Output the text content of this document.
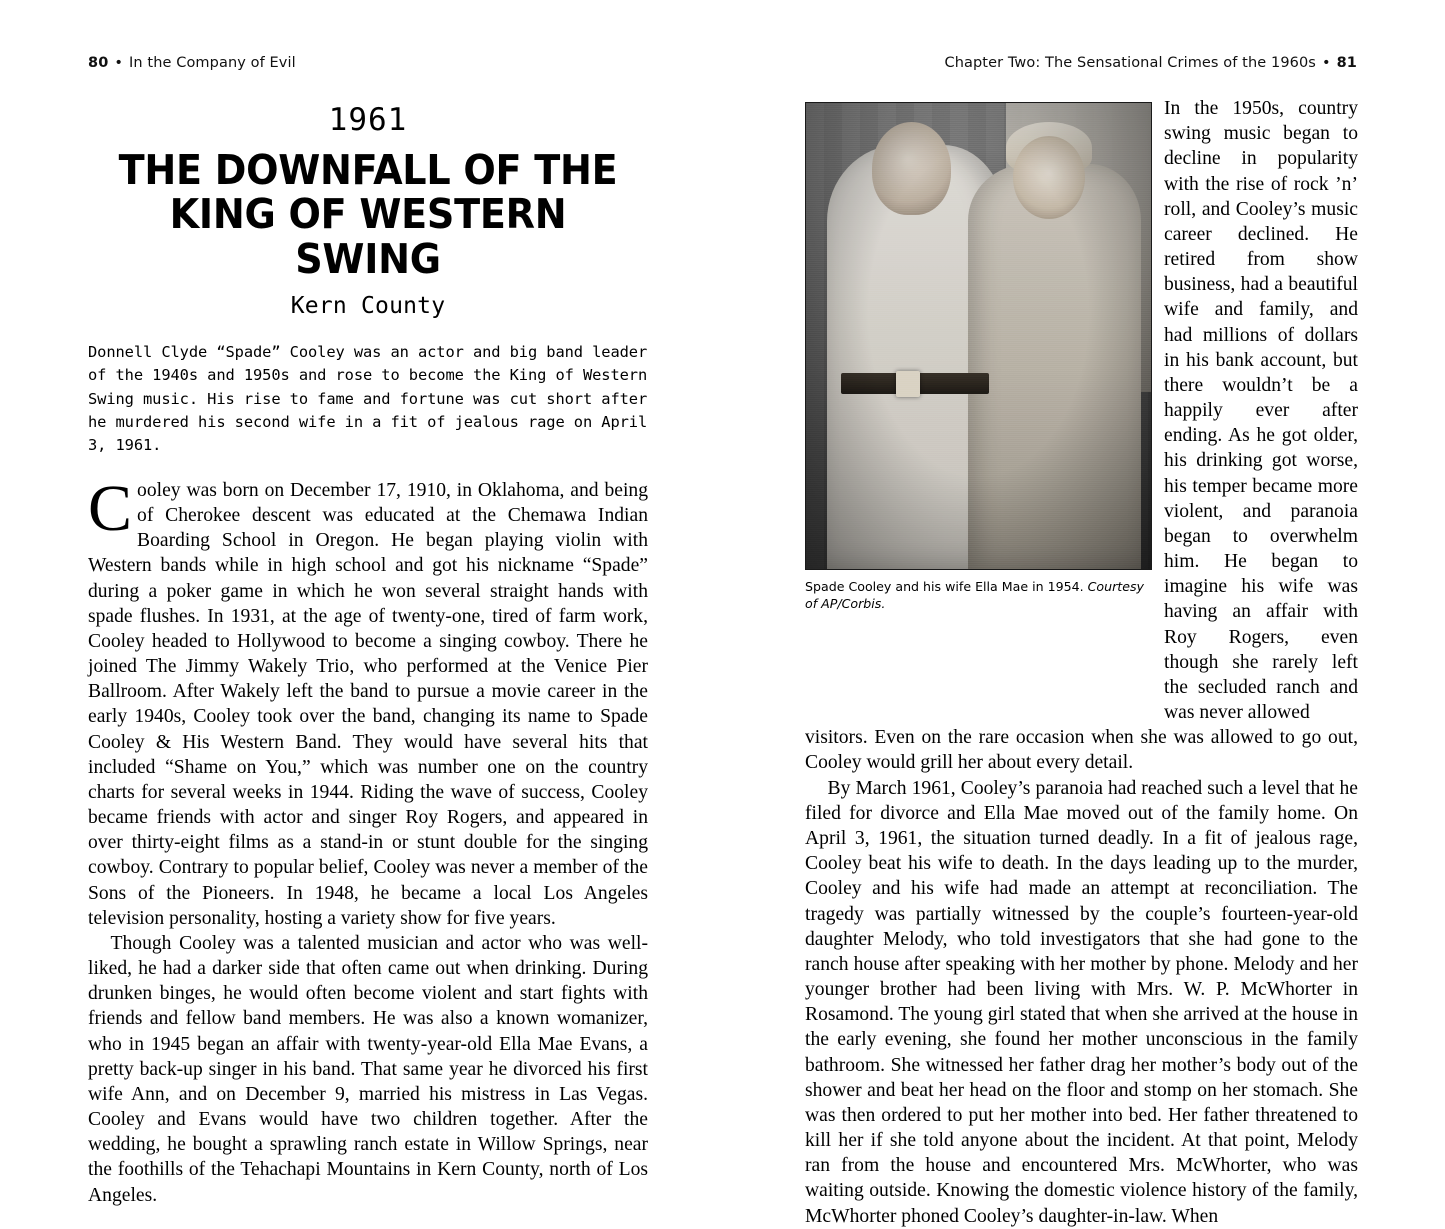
80 • In the Company of Evil	Chapter Two: The Sensational Crimes of the 1960s • 81
1961
THE DOWNFALL OF THE
KING OF WESTERN SWING
Kern County
Donnell Clyde “Spade” Cooley was an actor and big band leader of the 1940s and 1950s and rose to become the King of Western Swing music. His rise to fame and fortune was cut short after he murdered his second wife in a fit of jealous rage on April 3, 1961.

Cooley was born on December 17, 1910, in Oklahoma, and being of Cherokee descent was educated at the Chemawa Indian Boarding School in Oregon. He began playing violin with Western bands while in high school and got his nickname “Spade” during a poker game in which he won several straight hands with spade flushes. In 1931, at the age of twenty-one, tired of farm work, Cooley headed to Hollywood to become a singing cowboy. There he joined The Jimmy Wakely Trio, who performed at the Venice Pier Ballroom. After Wakely left the band to pursue a movie career in the early 1940s, Cooley took over the band, changing its name to Spade Cooley & His Western Band. They would have several hits that included “Shame on You,” which was number one on the country charts for several weeks in 1944. Riding the wave of success, Cooley became friends with actor and singer Roy Rogers, and appeared in over thirty-eight films as a stand-in or stunt double for the singing cowboy. Contrary to popular belief, Cooley was never a member of the Sons of the Pioneers. In 1948, he became a local Los Angeles television personality, hosting a variety show for five years.

Though Cooley was a talented musician and actor who was well-liked, he had a darker side that often came out when drinking. During drunken binges, he would often become violent and start fights with friends and fellow band members. He was also a known womanizer, who in 1945 began an affair with twenty-year-old Ella Mae Evans, a pretty back-up singer in his band. That same year he divorced his first wife Ann, and on December 9, married his mistress in Las Vegas. Cooley and Evans would have two children together. After the wedding, he bought a sprawling ranch estate in Willow Springs, near the foothills of the Tehachapi Mountains in Kern County, north of Los Angeles.

Spade Cooley and his wife Ella Mae in 1954. Courtesy of AP/Corbis.
In the 1950s, country swing music began to decline in popularity with the rise of rock ’n’ roll, and Cooley’s music career declined. He retired from show business, had a beautiful wife and family, and had millions of dollars in his bank account, but there wouldn’t be a happily ever after ending. As he got older, his drinking got worse, his temper became more violent, and paranoia began to overwhelm him. He began to imagine his wife was having an affair with Roy Rogers, even though she rarely left the secluded ranch and was never allowed

visitors. Even on the rare occasion when she was allowed to go out, Cooley would grill her about every detail.

By March 1961, Cooley’s paranoia had reached such a level that he filed for divorce and Ella Mae moved out of the family home. On April 3, 1961, the situation turned deadly. In a fit of jealous rage, Cooley beat his wife to death. In the days leading up to the murder, Cooley and his wife had made an attempt at reconciliation. The tragedy was partially witnessed by the couple’s fourteen-year-old daughter Melody, who told investigators that she had gone to the ranch house after speaking with her mother by phone. Melody and her younger brother had been living with Mrs. W. P. McWhorter in Rosamond. The young girl stated that when she arrived at the house in the early evening, she found her mother unconscious in the family bathroom. She witnessed her father drag her mother’s body out of the shower and beat her head on the floor and stomp on her stomach. She was then ordered to put her mother into bed. Her father threatened to kill her if she told anyone about the incident. At that point, Melody ran from the house and encountered Mrs. McWhorter, who was waiting outside. Knowing the domestic violence history of the family, McWhorter phoned Cooley’s daughter-in-law. When
